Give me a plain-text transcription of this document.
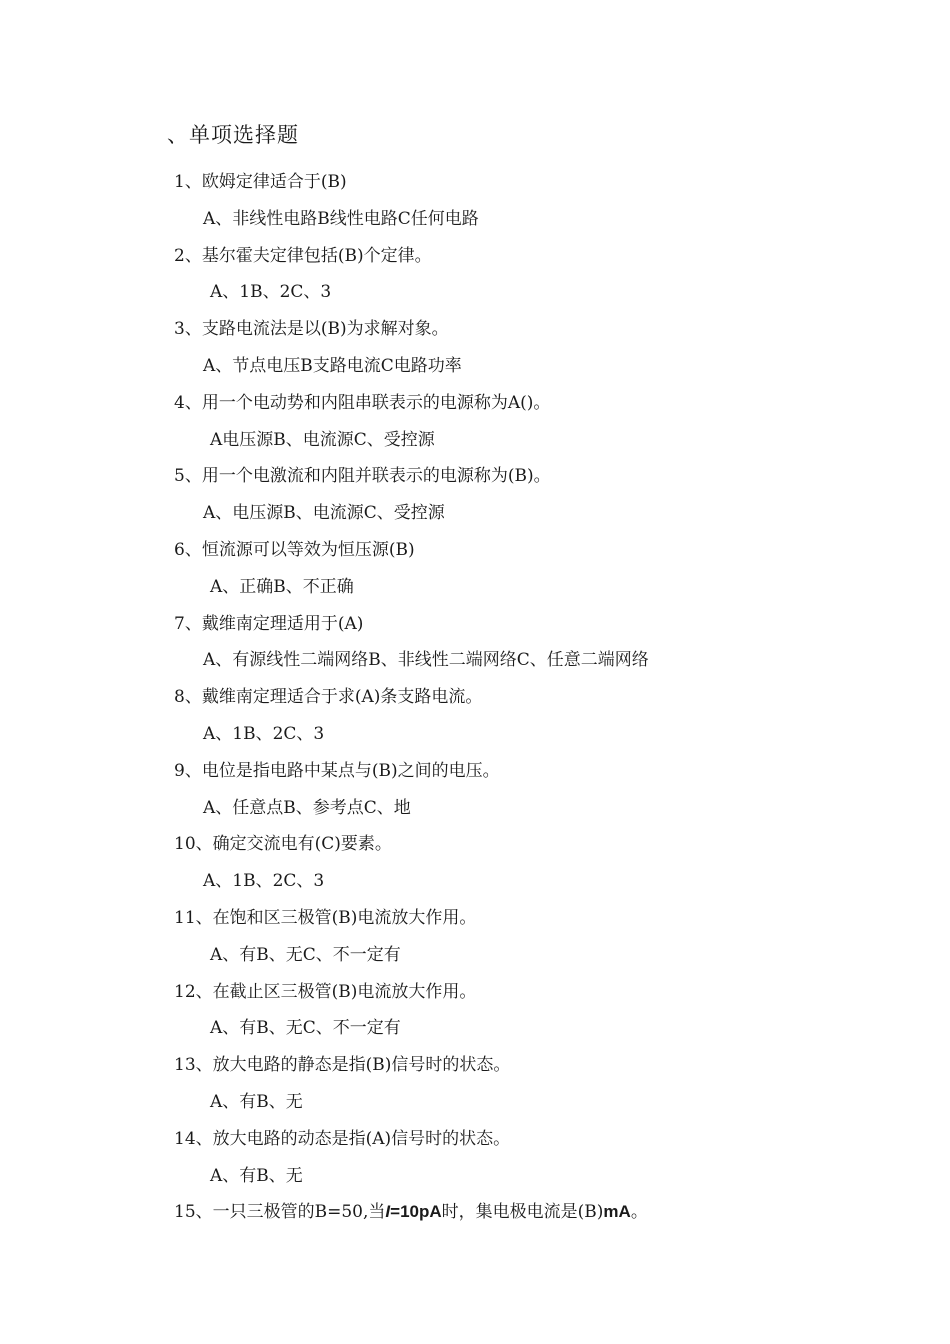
、单项选择题
1、欧姆定律适合于(B)
A、非线性电路B线性电路C任何电路
2、基尔霍夫定律包括(B)个定律。
A、1B、2C、3
3、支路电流法是以(B)为求解对象。
A、节点电压B支路电流C电路功率
4、用一个电动势和内阻串联表示的电源称为A()。
A电压源B、电流源C、受控源
5、用一个电激流和内阻并联表示的电源称为(B)。
A、电压源B、电流源C、受控源
6、恒流源可以等效为恒压源(B)
A、正确B、不正确
7、戴维南定理适用于(A)
A、有源线性二端网络B、非线性二端网络C、任意二端网络
8、戴维南定理适合于求(A)条支路电流。
A、1B、2C、3
9、电位是指电路中某点与(B)之间的电压。
A、任意点B、参考点C、地
10、确定交流电有(C)要素。
A、1B、2C、3
11、在饱和区三极管(B)电流放大作用。
A、有B、无C、不一定有
12、在截止区三极管(B)电流放大作用。
A、有B、无C、不一定有
13、放大电路的静态是指(B)信号时的状态。
A、有B、无
14、放大电路的动态是指(A)信号时的状态。
A、有B、无
15、一只三极管的B=50,当I=10pA时，集电极电流是(B)mA。
